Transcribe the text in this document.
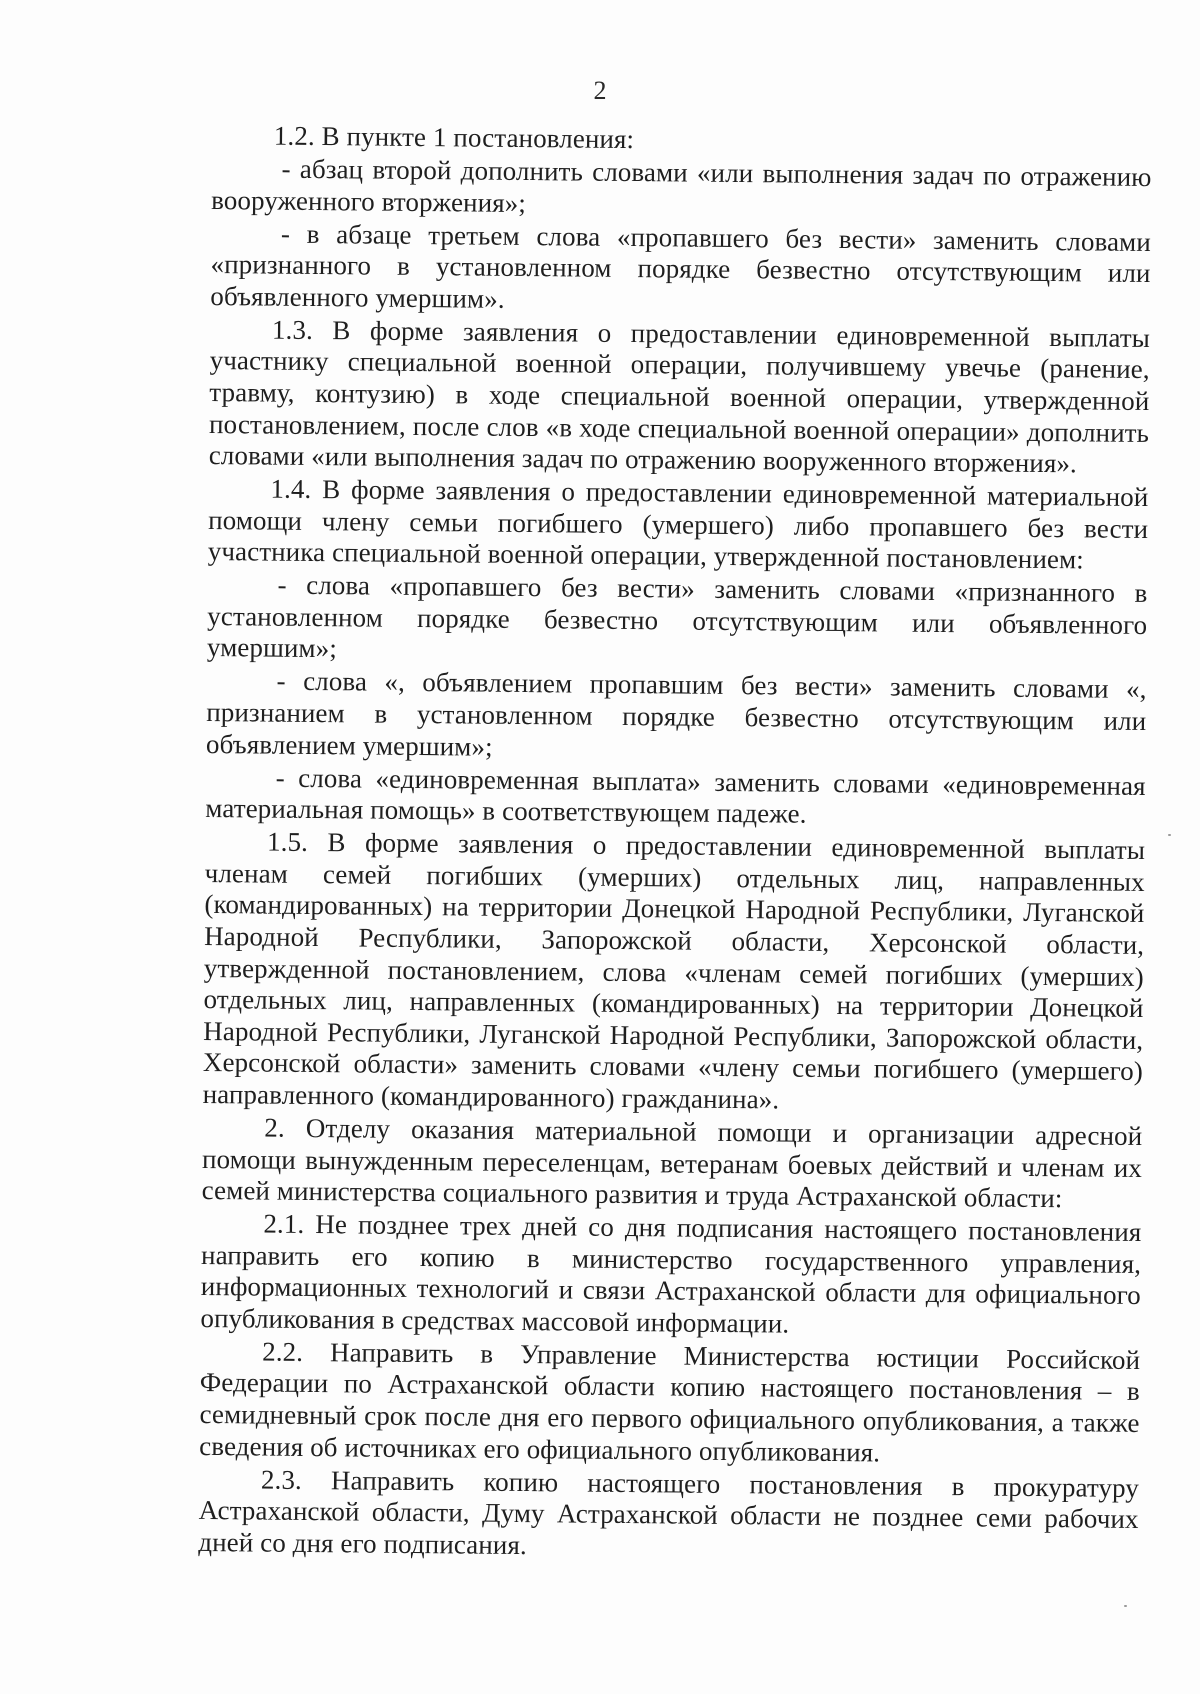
2

1.2. В пункте 1 постановления:

- абзац второй дополнить словами «или выполнения задач по отражению вооруженного вторжения»;

- в абзаце третьем слова «пропавшего без вести» заменить словами «признанного в установленном порядке безвестно отсутствующим или объявленного умершим».

1.3. В форме заявления о предоставлении единовременной выплаты участнику специальной военной операции, получившему увечье (ранение, травму, контузию) в ходе специальной военной операции, утвержденной постановлением, после слов «в ходе специальной военной операции» дополнить словами «или выполнения задач по отражению вооруженного вторжения».

1.4. В форме заявления о предоставлении единовременной материальной помощи члену семьи погибшего (умершего) либо пропавшего без вести участника специальной военной операции, утвержденной постановлением:

- слова «пропавшего без вести» заменить словами «признанного в установленном порядке безвестно отсутствующим или объявленного умершим»;

- слова «, объявлением пропавшим без вести» заменить словами «, признанием в установленном порядке безвестно отсутствующим или объявлением умершим»;

- слова «единовременная выплата» заменить словами «единовременная материальная помощь» в соответствующем падеже.

1.5. В форме заявления о предоставлении единовременной выплаты членам семей погибших (умерших) отдельных лиц, направленных (командированных) на территории Донецкой Народной Республики, Луганской Народной Республики, Запорожской области, Херсонской области, утвержденной постановлением, слова «членам семей погибших (умерших) отдельных лиц, направленных (командированных) на территории Донецкой Народной Республики, Луганской Народной Республики, Запорожской области, Херсонской области» заменить словами «члену семьи погибшего (умершего) направленного (командированного) гражданина».

2. Отделу оказания материальной помощи и организации адресной помощи вынужденным переселенцам, ветеранам боевых действий и членам их семей министерства социального развития и труда Астраханской области:

2.1. Не позднее трех дней со дня подписания настоящего постановления направить его копию в министерство государственного управления, информационных технологий и связи Астраханской области для официального опубликования в средствах массовой информации.

2.2. Направить в Управление Министерства юстиции Российской Федерации по Астраханской области копию настоящего постановления – в семидневный срок после дня его первого официального опубликования, а также сведения об источниках его официального опубликования.

2.3. Направить копию настоящего постановления в прокуратуру Астраханской области, Думу Астраханской области не позднее семи рабочих дней со дня его подписания.
